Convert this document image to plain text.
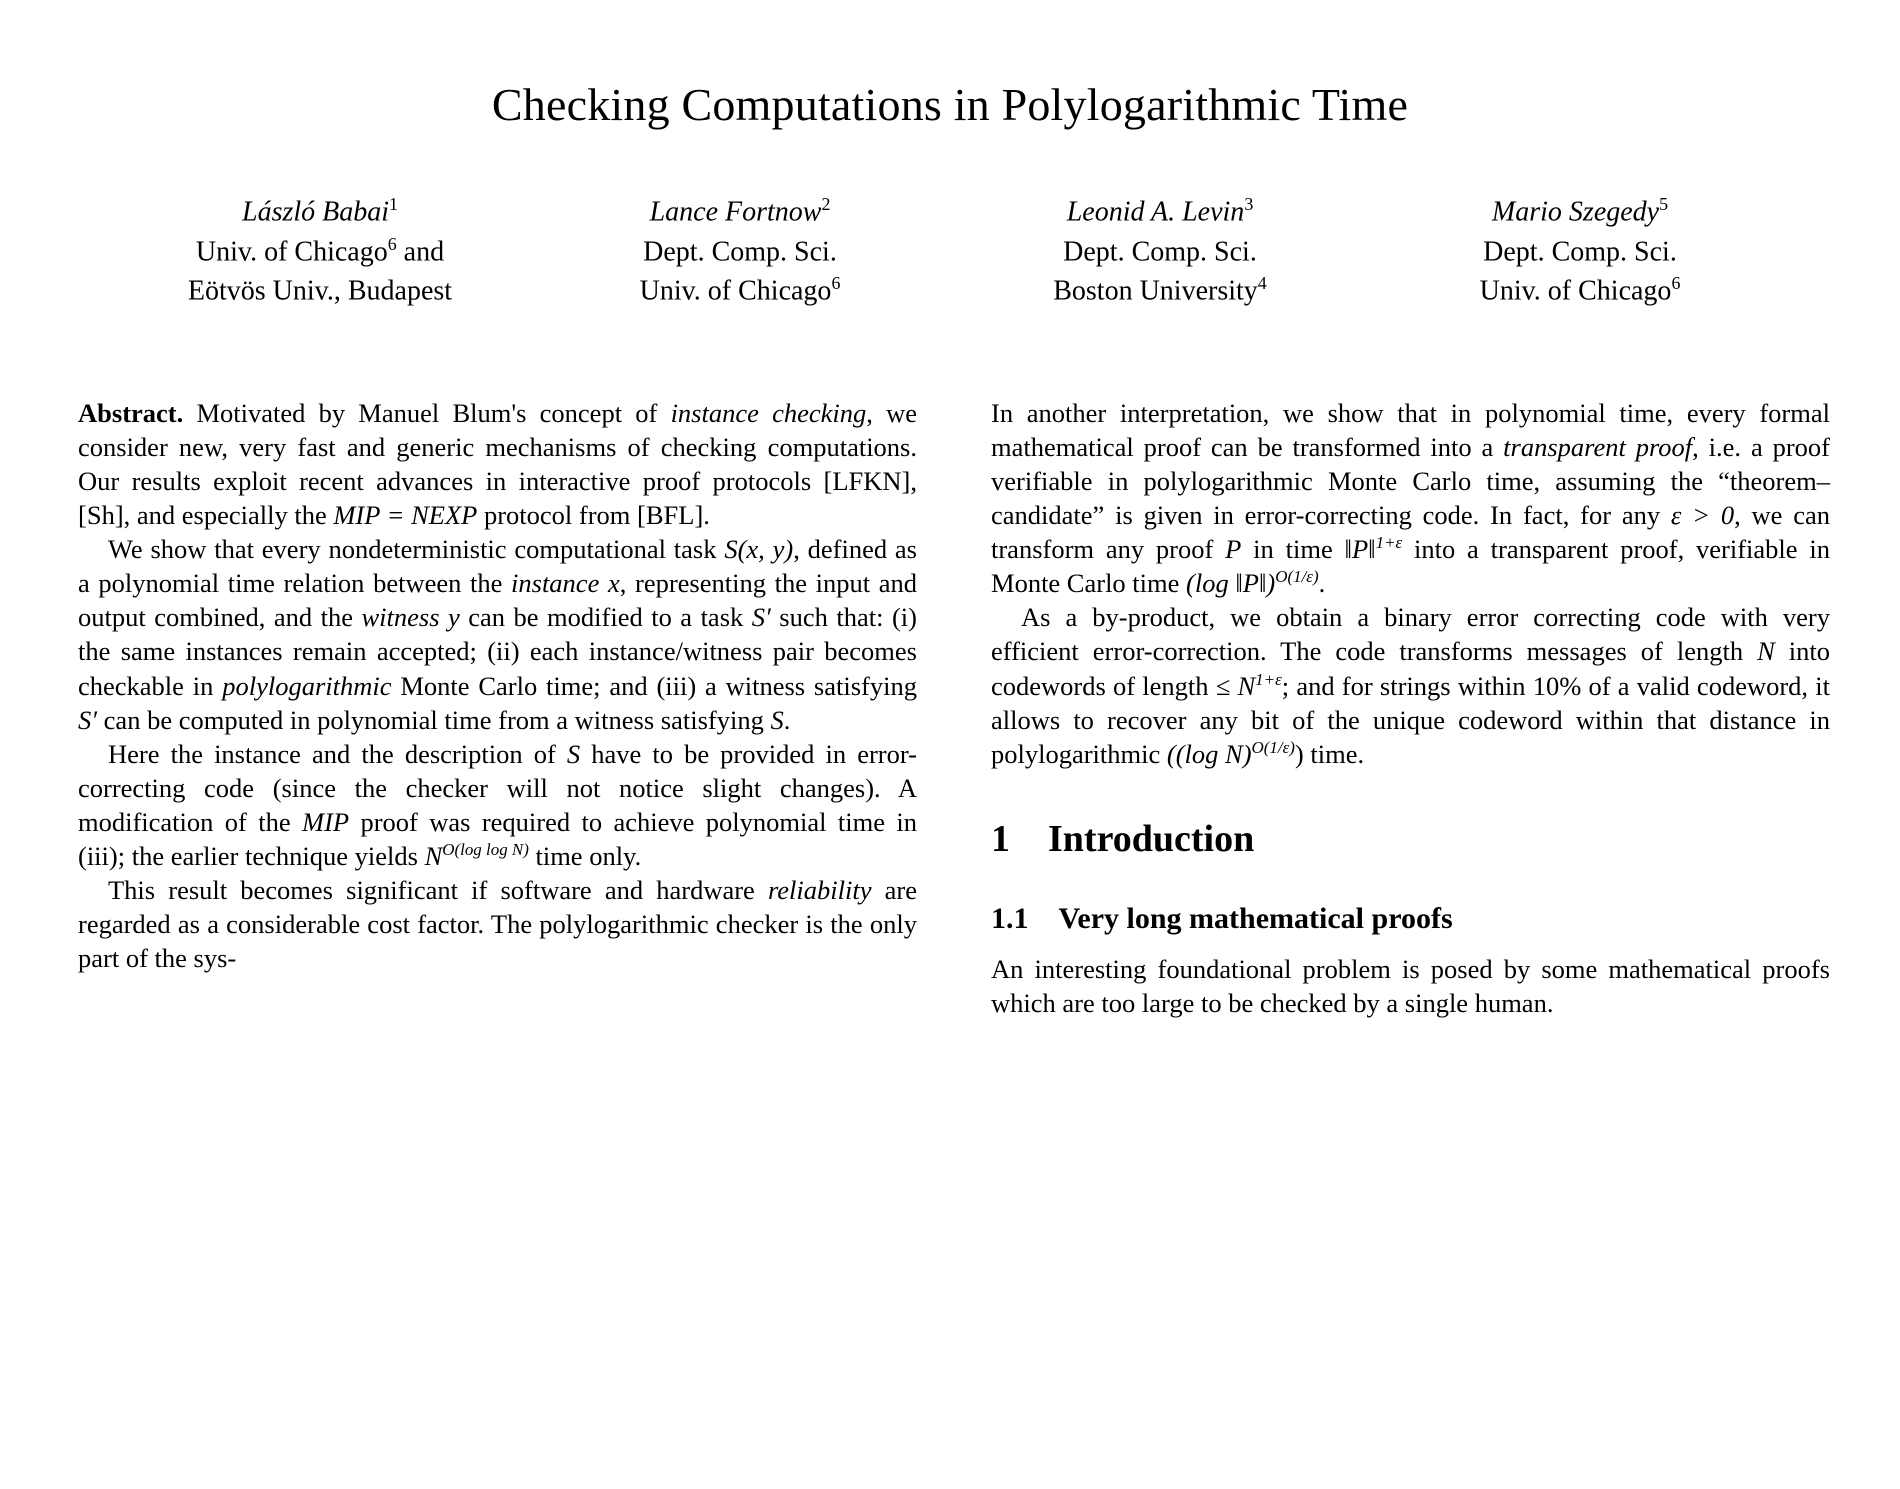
Checking Computations in Polylogarithmic Time
László Babai$^1$
Univ. of Chicago$^6$ and
Eötvös Univ., Budapest
Lance Fortnow$^2$
Dept. Comp. Sci.
Univ. of Chicago$^6$
Leonid A. Levin$^3$
Dept. Comp. Sci.
Boston University$^4$
Mario Szegedy$^5$
Dept. Comp. Sci.
Univ. of Chicago$^6$

Abstract. Motivated by Manuel Blum's concept of instance checking, we consider new, very fast and generic mechanisms of checking computations. Our results exploit recent advances in interactive proof protocols [LFKN], [Sh], and especially the MIP = NEXP protocol from [BFL].

We show that every nondeterministic computational task S(x, y), defined as a polynomial time relation between the instance x, representing the input and output combined, and the witness y can be modified to a task S′ such that: (i) the same instances remain accepted; (ii) each instance/witness pair becomes checkable in polylogarithmic Monte Carlo time; and (iii) a witness satisfying S′ can be computed in polynomial time from a witness satisfying S.

Here the instance and the description of S have to be provided in error-correcting code (since the checker will not notice slight changes). A modification of the MIP proof was required to achieve polynomial time in (iii); the earlier technique yields $N^{O(log log N)}$ time only.

This result becomes significant if software and hardware reliability are regarded as a considerable cost factor. The polylogarithmic checker is the only part of the sys-

In another interpretation, we show that in polynomial time, every formal mathematical proof can be transformed into a transparent proof, i.e. a proof verifiable in polylogarithmic Monte Carlo time, assuming the “theorem–candidate” is given in error-correcting code. In fact, for any ε > 0, we can transform any proof P in time ‖P‖$^{1+\varepsilon}$ into a transparent proof, verifiable in Monte Carlo time (log ‖P‖)$^{O(1/\varepsilon)}$.

As a by-product, we obtain a binary error correcting code with very efficient error-correction. The code transforms messages of length N into codewords of length ≤ $N^{1+\varepsilon}$; and for strings within 10% of a valid codeword, it allows to recover any bit of the unique codeword within that distance in polylogarithmic ((log N)$^{O(1/\varepsilon)}$) time.

1 Introduction
1.1 Very long mathematical proofs

An interesting foundational problem is posed by some mathematical proofs which are too large to be checked by a single human.
